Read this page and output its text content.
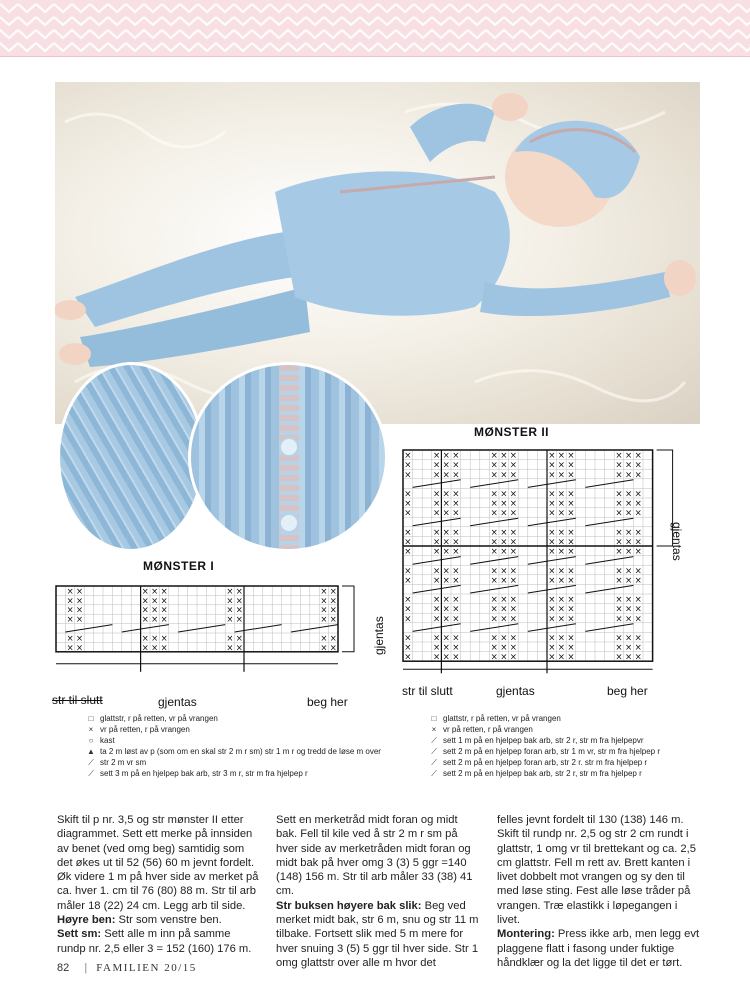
MØNSTER II
×	× × ×	× × ×	× × ×	× × ×
×	× × ×	× × ×	× × ×	× × ×
×	× × ×	× × ×	× × ×	× × ×
×	× × ×	× × ×	× × ×	× × ×
×	× × ×	× × ×	× × ×	× × ×
×	× × ×	× × ×	× × ×	× × ×
×	× × ×	× × ×	× × ×	× × ×
×	× × ×	× × ×	× × ×	× × ×
×	× × ×	× × ×	× × ×	× × ×
×	× × ×	× × ×	× × ×	× × ×
×	× × ×	× × ×	× × ×	× × ×
×	× × ×	× × ×	× × ×	× × ×
×	× × ×	× × ×	× × ×	× × ×
×	× × ×	× × ×	× × ×	× × ×
×	× × ×	× × ×	× × ×	× × ×
×	× × ×	× × ×	× × ×	× × ×
×	× × ×	× × ×	× × ×	× × ×
gjentas
str til slutt	gjentas	beg her
□ glattstr, r på retten, vr på vrangen
× vr på retten, r på vrangen
⟋ sett 1 m på en hjelpep bak arb, str 2 r, str m fra hjelpepvr
⟋ sett 2 m på en hjelpep foran arb, str 1 m vr, str m fra hjelpep r
⟋ sett 2 m på en hjelpep foran arb, str 2 r. str m fra hjelpep r
⟋ sett 2 m på en hjelpep bak arb, str 2 r, str m fra hjelpep r
MØNSTER I
× ×	× × ×	× ×	× ×
× ×	× × ×	× ×	× ×
× ×	× × ×	× ×	× ×
× ×	× × ×	× ×	× ×
× ×	× × ×	× ×	× ×
× ×	× × ×	× ×	× ×	gjentas
str til slutt	gjentas	beg her
□ glattstr, r på retten, vr på vrangen
× vr på retten, r på vrangen
○ kast
▲ ta 2 m løst av p (som om en skal str 2 m r sm) str 1 m r og tredd de løse m over
⟋ str 2 m vr sm
⟋ sett 3 m på en hjelpep bak arb, str 3 m r, str m fra hjelpep r

Skift til p nr. 3,5 og str mønster II etter diagrammet. Sett ett merke på innsiden av benet (ved omg beg) samtidig som det økes ut til 52 (56) 60 m jevnt fordelt. Øk videre 1 m på hver side av merket på ca. hver 1. cm til 76 (80) 88 m. Str til arb måler 18 (22) 24 cm. Legg arb til side.
Høyre ben: Str som venstre ben.
Sett sm: Sett alle m inn på samme rundp nr. 2,5 eller 3 = 152 (160) 176 m.

Sett en merketråd midt foran og midt bak. Fell til kile ved å str 2 m r sm på hver side av merketråden midt foran og midt bak på hver omg 3 (3) 5 ggr =140 (148) 156 m. Str til arb måler 33 (38) 41 cm.
Str buksen høyere bak slik: Beg ved merket midt bak, str 6 m, snu og str 11 m tilbake. Fortsett slik med 5 m mere for hver snuing 3 (5) 5 ggr til hver side. Str 1 omg glattstr over alle m hvor det

felles jevnt fordelt til 130 (138) 146 m. Skift til rundp nr. 2,5 og str 2 cm rundt i glattstr, 1 omg vr til brettekant og ca. 2,5 cm glattstr. Fell m rett av. Brett kanten i livet dobbelt mot vrangen og sy den til med løse sting. Fest alle løse tråder på vrangen. Træ elastikk i løpegangen i livet.
Montering: Press ikke arb, men legg evt plaggene flatt i fasong under fuktige håndklær og la det ligge til det er tørt.

82 | FAMILIEN 20/15
